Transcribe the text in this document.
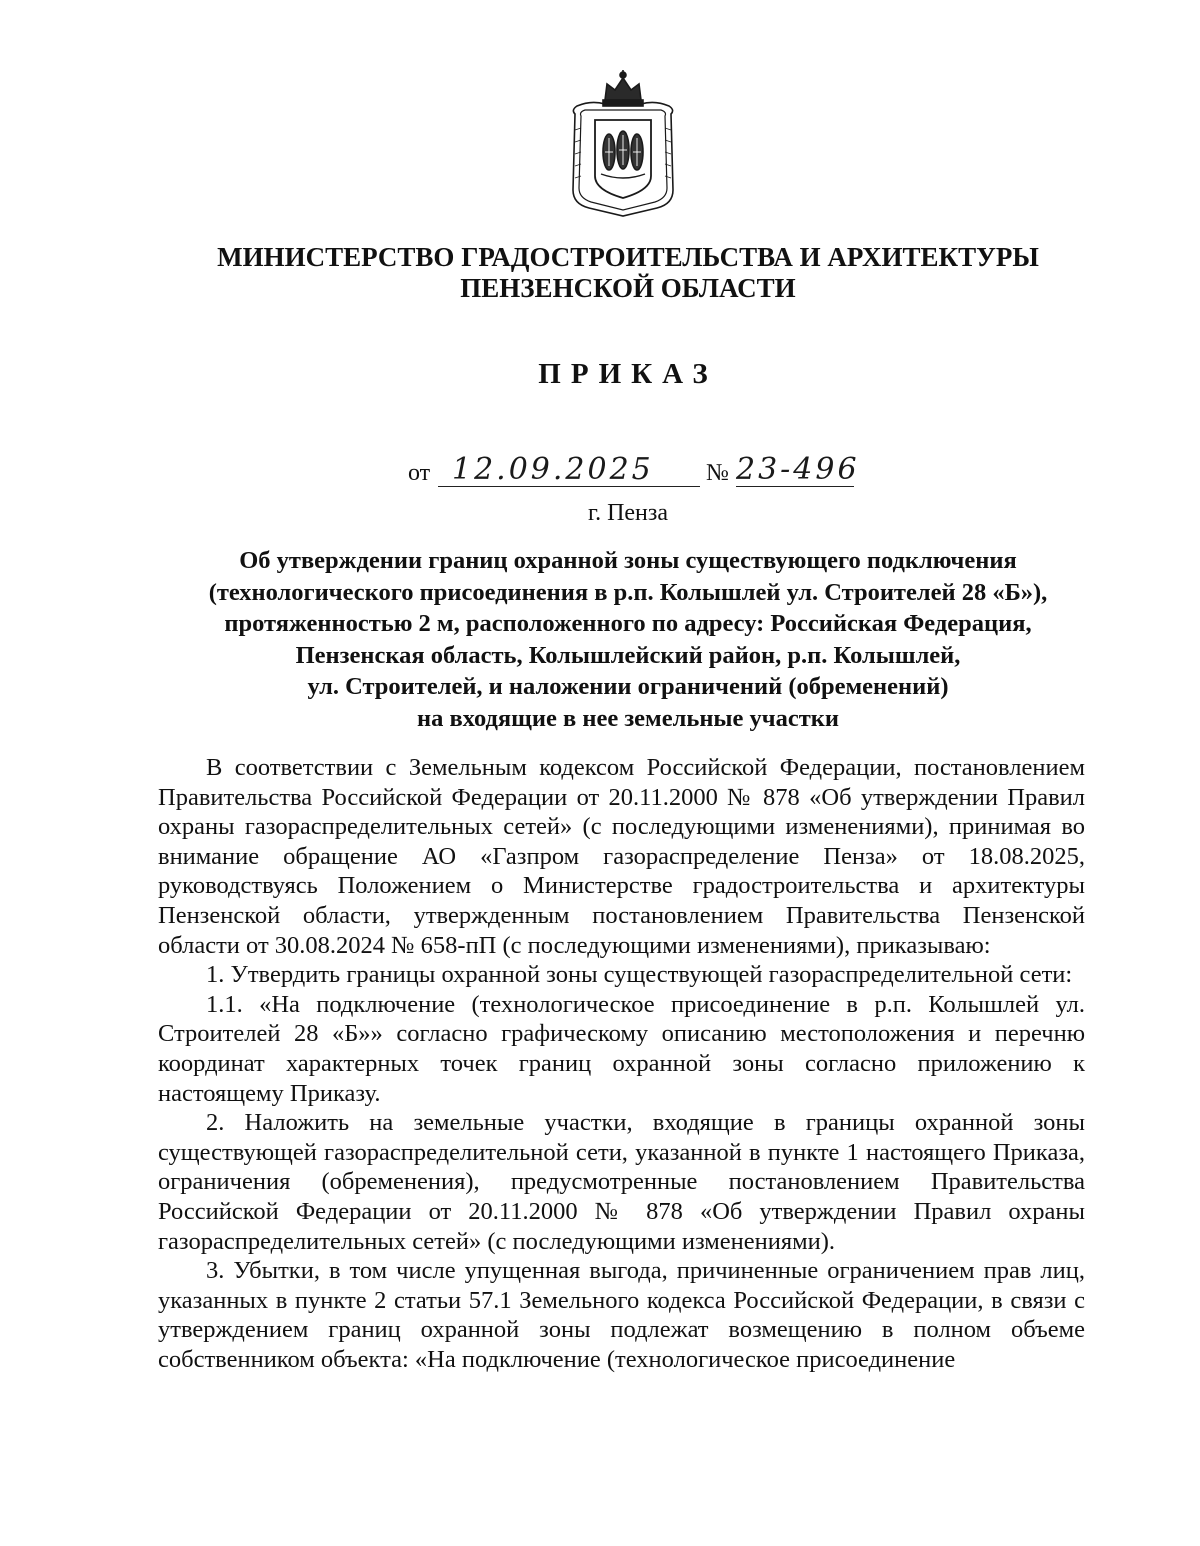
МИНИСТЕРСТВО ГРАДОСТРОИТЕЛЬСТВА И АРХИТЕКТУРЫ
ПЕНЗЕНСКОЙ ОБЛАСТИ
ПРИКАЗ
от 12.09.2025 № 23-496
г. Пенза
Об утверждении границ охранной зоны существующего подключения
(технологического присоединения в р.п. Колышлей ул. Строителей 28 «Б»),
протяженностью 2 м, расположенного по адресу: Российская Федерация,
Пензенская область, Колышлейский район, р.п. Колышлей,
ул. Строителей, и наложении ограничений (обременений)
на входящие в нее земельные участки

В соответствии с Земельным кодексом Российской Федерации, постановлением Правительства Российской Федерации от 20.11.2000 № 878 «Об утверждении Правил охраны газораспределительных сетей» (с последующими изменениями), принимая во внимание обращение АО «Газпром газораспределение Пенза» от 18.08.2025, руководствуясь Положением о Министерстве градостроительства и архитектуры Пензенской области, утвержденным постановлением Правительства Пензенской области от 30.08.2024 № 658-пП (с последующими изменениями), приказываю:

1. Утвердить границы охранной зоны существующей газораспределительной сети:

1.1. «На подключение (технологическое присоединение в р.п. Колышлей ул. Строителей 28 «Б»» согласно графическому описанию местоположения и перечню координат характерных точек границ охранной зоны согласно приложению к настоящему Приказу.

2. Наложить на земельные участки, входящие в границы охранной зоны существующей газораспределительной сети, указанной в пункте 1 настоящего Приказа, ограничения (обременения), предусмотренные постановлением Правительства Российской Федерации от 20.11.2000 № 878 «Об утверждении Правил охраны газораспределительных сетей» (с последующими изменениями).

3. Убытки, в том числе упущенная выгода, причиненные ограничением прав лиц, указанных в пункте 2 статьи 57.1 Земельного кодекса Российской Федерации, в связи с утверждением границ охранной зоны подлежат возмещению в полном объеме собственником объекта: «На подключение (технологическое присоединение
